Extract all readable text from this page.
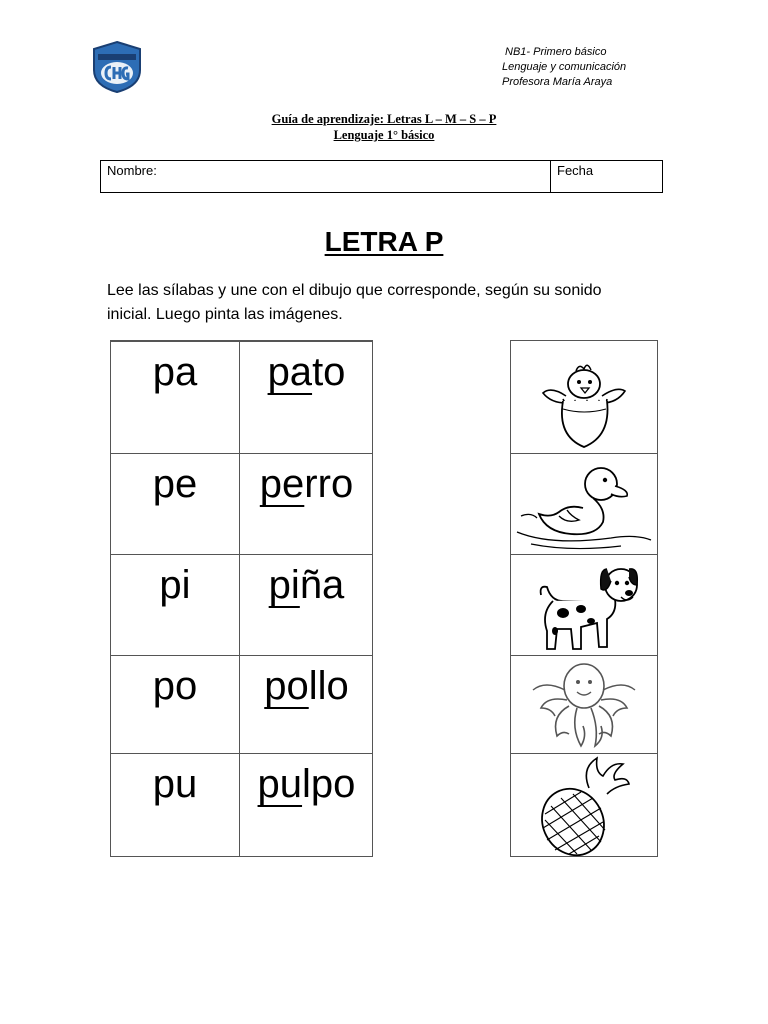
NB1- Primero básico
Lenguaje y comunicación
Profesora María Araya
Guía de aprendizaje: Letras L – M – S – P
Lenguaje 1° básico
Nombre:	Fecha
LETRA P
Lee las sílabas y une con el dibujo que corresponde, según su sonido
inicial. Luego pinta las imágenes.
pa	pato
pe	perro
pi	piña
po	pollo
pu	pulpo
